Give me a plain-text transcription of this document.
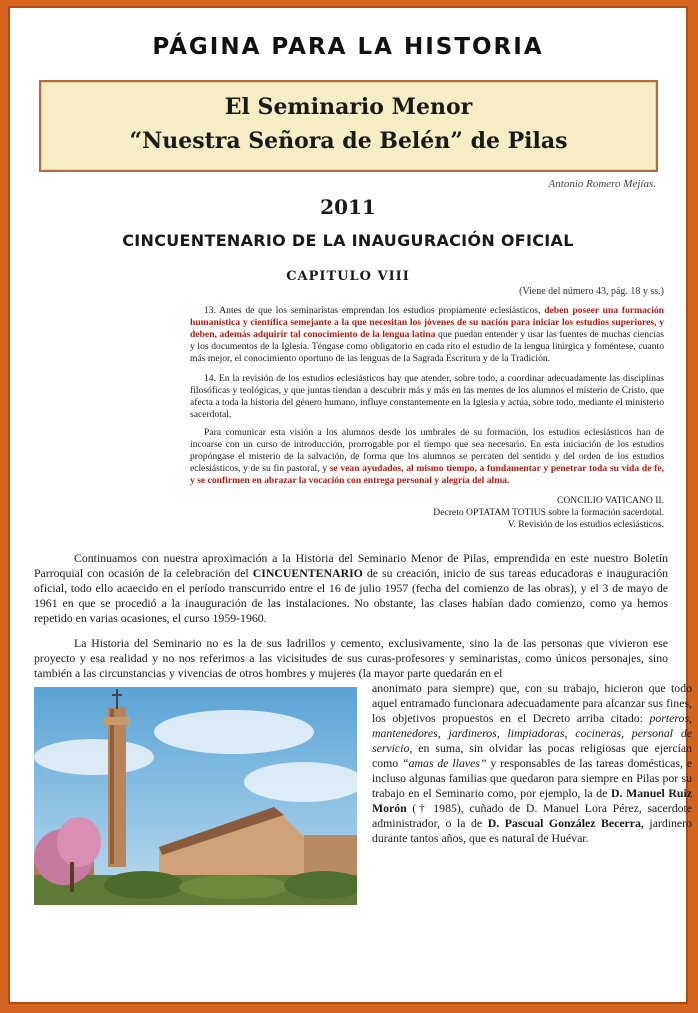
PÁGINA PARA LA HISTORIA
El Seminario Menor
“Nuestra Señora de Belén” de Pilas
Antonio Romero Mejías.
2011
CINCUENTENARIO DE LA INAUGURACIÓN OFICIAL
CAPITULO VIII
(Viene del número 43, pág. 18 y ss.)

13. Antes de que los seminaristas emprendan los estudios propiamente eclesiásticos, deben poseer una formación humanística y científica semejante a la que necesitan los jóvenes de su nación para iniciar los estudios superiores, y deben, además adquirir tal conocimiento de la lengua latina que puedan entender y usar las fuentes de muchas ciencias y los documentos de la Iglesia. Téngase como obligatorio en cada rito el estudio de la lengua litúrgica y foméntese, cuanto más mejor, el conocimiento oportuno de las lenguas de la Sagrada Escritura y de la Tradición.

14. En la revisión de los estudios eclesiásticos hay que atender, sobre todo, a coordinar adecuadamente las disciplinas filosóficas y teológicas, y que juntas tiendan a descubrir más y más en las mentes de los alumnos el misterio de Cristo, que afecta a toda la historia del género humano, influye constantemente en la Iglesia y actúa, sobre todo, mediante el ministerio sacerdotal.

Para comunicar esta visión a los alumnos desde los umbrales de su formación, los estudios eclesiásticos han de incoarse con un curso de introducción, prorrogable por el tiempo que sea necesario. En esta iniciación de los estudios propóngase el misterio de la salvación, de forma que los alumnos se percaten del sentido y del orden de los estudios eclesiásticos, y de su fin pastoral, y se vean ayudados, al mismo tiempo, a fundamentar y penetrar toda su vida de fe, y se confirmen en abrazar la vocación con entrega personal y alegría del alma.

CONCILIO VATICANO II.
Decreto OPTATAM TOTIUS sobre la formación sacerdotal.
V. Revisión de los estudios eclesiásticos.

Continuamos con nuestra aproximación a la Historia del Seminario Menor de Pilas, emprendida en este nuestro Boletín Parroquial con ocasión de la celebración del CINCUENTENARIO de su creación, inicio de sus tareas educadoras e inauguración oficial, todo ello acaecido en el período transcurrido entre el 16 de julio 1957 (fecha del comienzo de las obras), y el 3 de mayo de 1961 en que se procedió a la inauguración de las instalaciones. No obstante, las clases habían dado comienzo, como ya hemos repetido en varias ocasiones, el curso 1959-1960.

La Historia del Seminario no es la de sus ladrillos y cemento, exclusivamente, sino la de las personas que vivieron ese proyecto y esa realidad y no nos referimos a las vicisitudes de sus curas-profesores y seminaristas, como únicos personajes, sino también a las circunstancias y vivencias de otros hombres y mujeres (la mayor parte quedarán en el

anonimato para siempre) que, con su trabajo, hicieron que todo aquel entramado funcionara adecuadamente para alcanzar sus fines, los objetivos propuestos en el Decreto arriba citado: porteros, mantenedores, jardineros, limpiadoras, cocineras, personal de servicio, en suma, sin olvidar las pocas religiosas que ejercían como “amas de llaves” y responsables de las tareas domésticas, e incluso algunas familias que quedaron para siempre en Pilas por su trabajo en el Seminario como, por ejemplo, la de D. Manuel Ruiz Morón († 1985), cuñado de D. Manuel Lora Pérez, sacerdote administrador, o la de D. Pascual González Becerra, jardinero durante tantos años, que es natural de Huévar.
